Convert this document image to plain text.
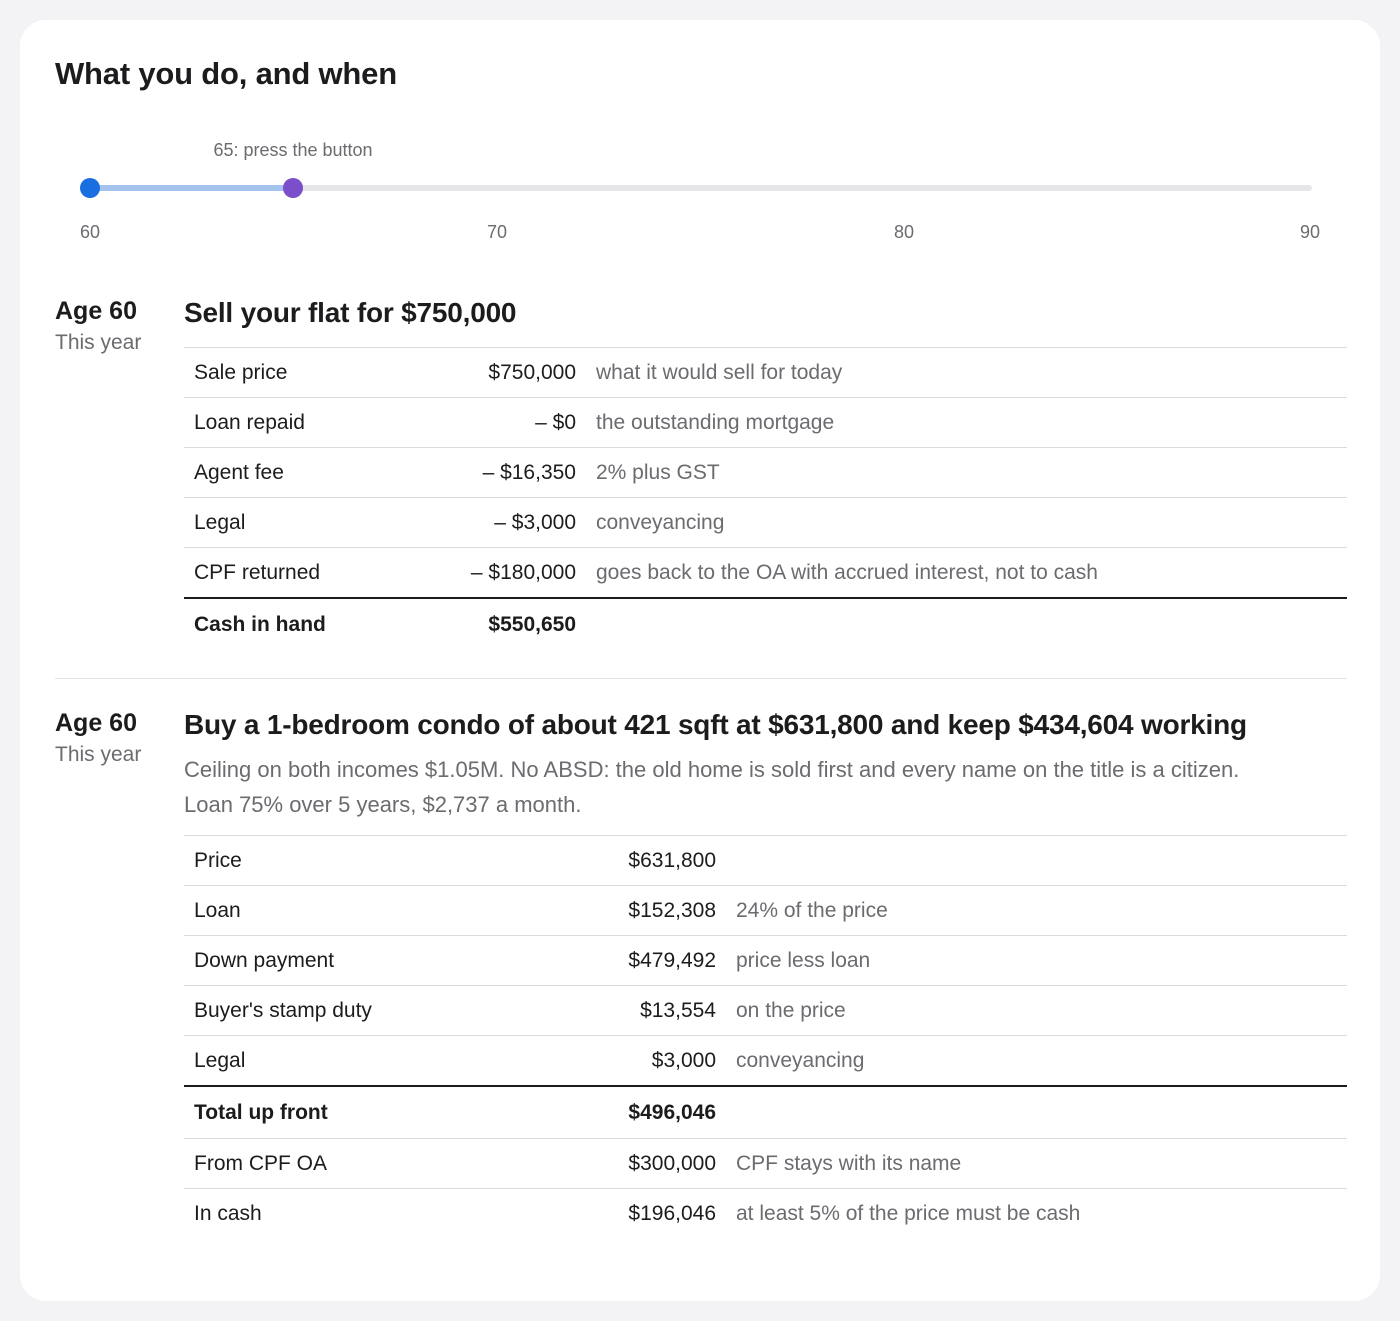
What you do, and when
65: press the button
60	70	80	90
Age 60
This year
Sell your flat for $750,000
Sale price	$750,000	what it would sell for today
Loan repaid	– $0	the outstanding mortgage
Agent fee	– $16,350	2% plus GST
Legal	– $3,000	conveyancing
CPF returned	– $180,000	goes back to the OA with accrued interest, not to cash
Cash in hand	$550,650	
Age 60
This year
Buy a 1-bedroom condo of about 421 sqft at $631,800 and keep $434,604 working
Ceiling on both incomes $1.05M. No ABSD: the old home is sold first and every name on the title is a citizen.
Loan 75% over 5 years, $2,737 a month.
Price	$631,800	
Loan	$152,308	24% of the price
Down payment	$479,492	price less loan
Buyer's stamp duty	$13,554	on the price
Legal	$3,000	conveyancing
Total up front	$496,046	
From CPF OA	$300,000	CPF stays with its name
In cash	$196,046	at least 5% of the price must be cash
